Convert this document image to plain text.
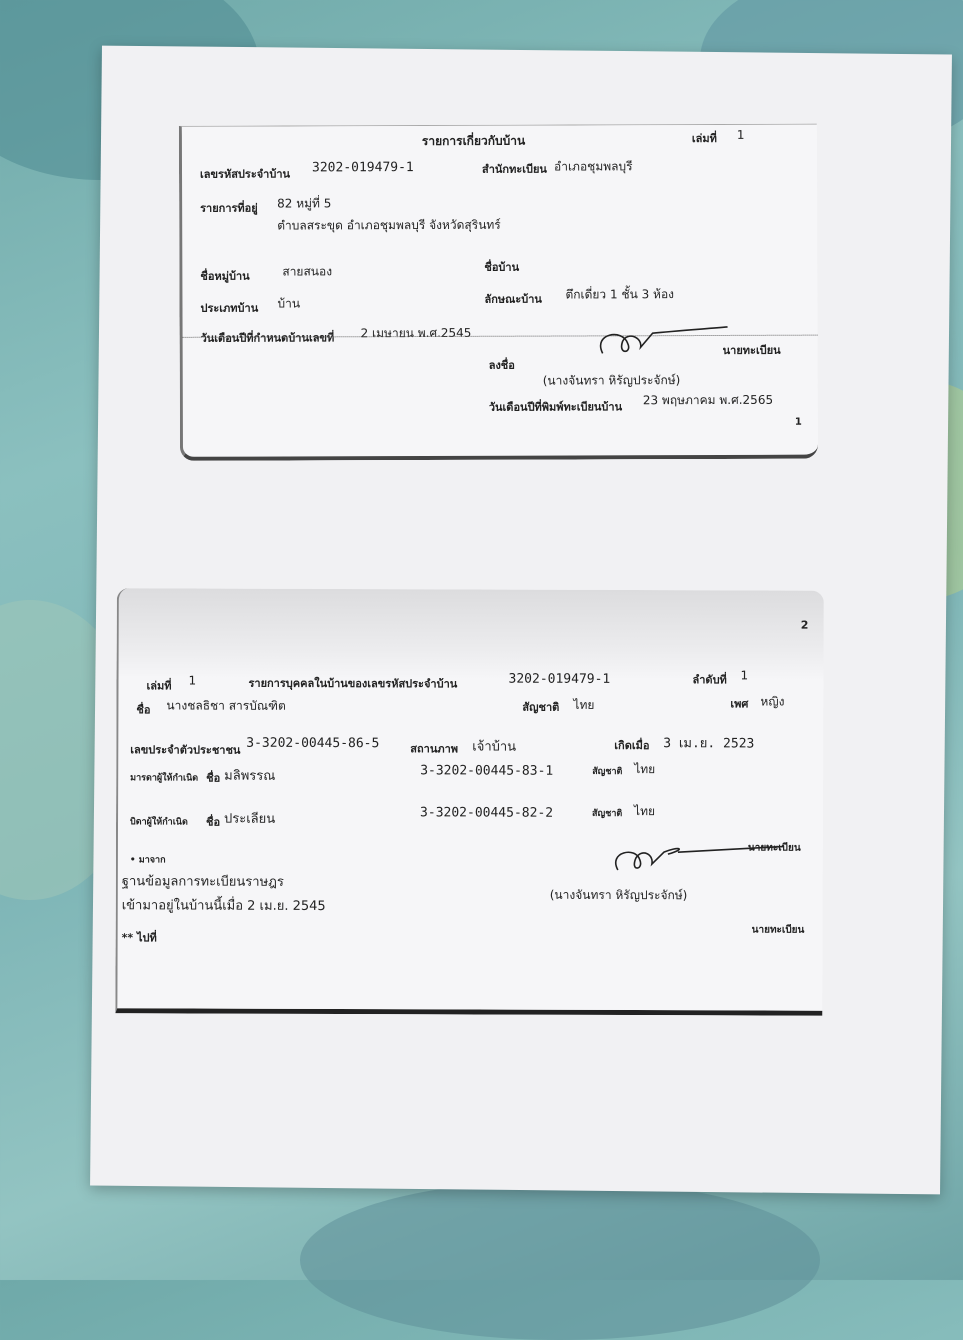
รายการเกี่ยวกับบ้าน	เล่มที่ 1
เลขรหัสประจำบ้าน 3202-019479-1	สำนักทะเบียน อำเภอชุมพลบุรี
รายการที่อยู่ 82 หมู่ที่ 5
ตำบลสระขุด อำเภอชุมพลบุรี จังหวัดสุรินทร์
ชื่อหมู่บ้าน	สายสนอง	ชื่อบ้าน
ประเภทบ้าน บ้าน	ลักษณะบ้าน ตึกเดี่ยว 1 ชั้น 3 ห้อง
วันเดือนปีที่กำหนดบ้านเลขที่ 2 เมษายน พ.ศ.2545
ลงชื่อ
นายทะเบียน
(นางจันทรา หิรัญประจักษ์)
วันเดือนปีที่พิมพ์ทะเบียนบ้าน 23 พฤษภาคม พ.ศ.2565
1
2
เล่มที่ 1	รายการบุคคลในบ้านของเลขรหัสประจำบ้าน	3202-019479-1	ลำดับที่ 1
ชื่อ นางชลธิชา สารบัณฑิต	สัญชาติ ไทย	เพศ หญิง
เลขประจำตัวประชาชน 3-3202-00445-86-5	สถานภาพ เจ้าบ้าน	เกิดเมื่อ 3 เม.ย. 2523
มารดาผู้ให้กำเนิด ชื่อ มลิพรรณ	3-3202-00445-83-1	สัญชาติ ไทย
บิดาผู้ให้กำเนิด ชื่อ ประเลียน	3-3202-00445-82-2	สัญชาติ ไทย
• มาจาก
ฐานข้อมูลการทะเบียนราษฎร
เข้ามาอยู่ในบ้านนี้เมื่อ 2 เม.ย. 2545
นายทะเบียน
(นางจันทรา หิรัญประจักษ์)
** ไปที่
นายทะเบียน
